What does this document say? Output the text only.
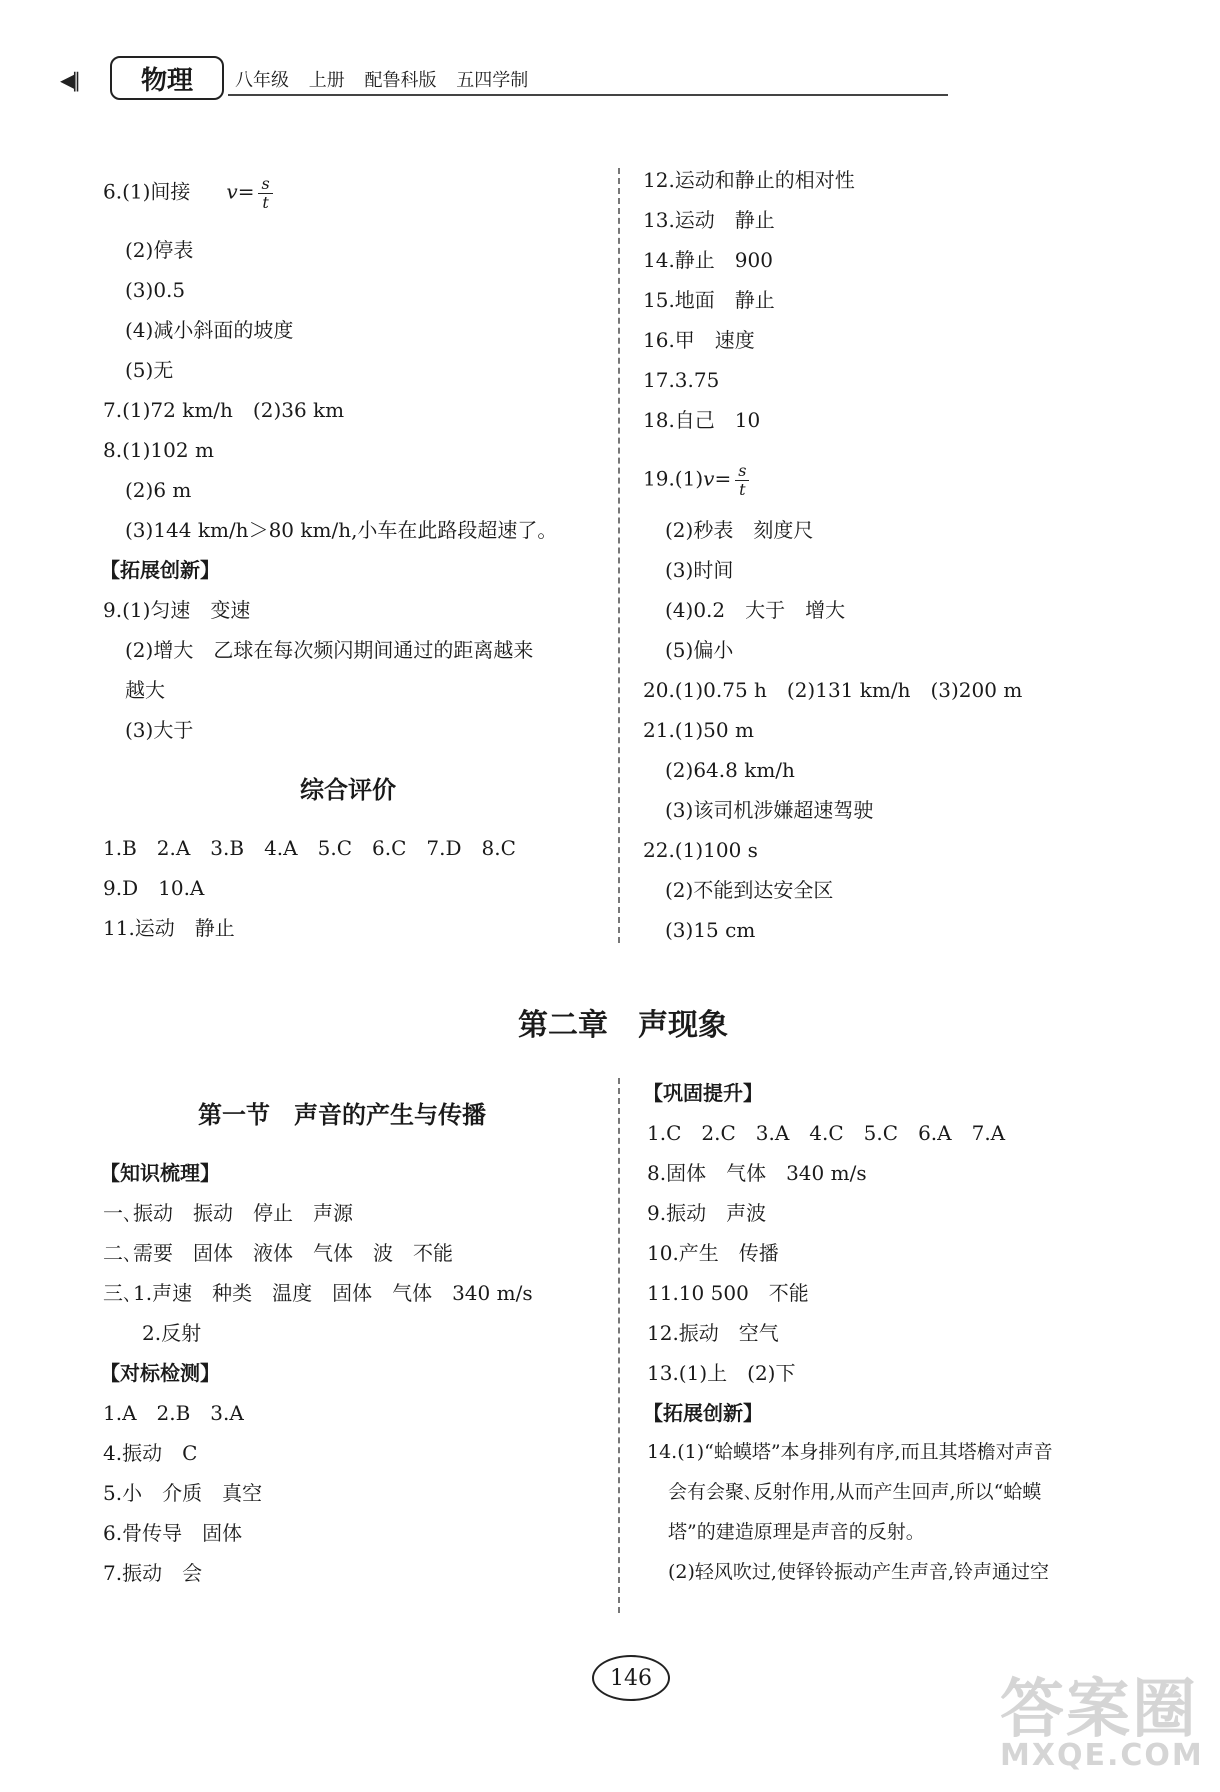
◀||	物理	八年级 上册 配鲁科版 五四学制
6.(1)间接 $v= \frac{s}{t}$
(2)停表
(3)0.5
(4)减小斜面的坡度
(5)无
7.(1)72 km/h　(2)36 km
8.(1)102 m
(2)6 m
(3)144 km/h＞80 km/h,小车在此路段超速了。
【拓展创新】
9.(1)匀速　变速
(2)增大　乙球在每次频闪期间通过的距离越来
越大
(3)大于
综合评价
1.B　2.A　3.B　4.A　5.C　6.C　7.D　8.C
9.D　10.A
11.运动　静止
12.运动和静止的相对性
13.运动　静止
14.静止　900
15.地面　静止
16.甲　速度
17.3.75
18.自己　10
$19.(1)v= \frac{s}{t}$
(2)秒表　刻度尺
(3)时间
(4)0.2　大于　增大
(5)偏小
20.(1)0.75 h　(2)131 km/h　(3)200 m
21.(1)50 m
(2)64.8 km/h
(3)该司机涉嫌超速驾驶
22.(1)100 s
(2)不能到达安全区
(3)15 cm
第二章　声现象
第一节　声音的产生与传播
【知识梳理】
一､振动　振动　停止　声源
二､需要　固体　液体　气体　波　不能
三､1.声速　种类　温度　固体　气体　340 m/s
2.反射
【对标检测】
1.A　2.B　3.A
4.振动　C
5.小　介质　真空
6.骨传导　固体
7.振动　会
【巩固提升】
1.C　2.C　3.A　4.C　5.C　6.A　7.A
8.固体　气体　340 m/s
9.振动　声波
10.产生　传播
11.10 500　不能
12.振动　空气
13.(1)上　(2)下
【拓展创新】
14.(1)“蛤蟆塔”本身排列有序,而且其塔檐对声音
会有会聚､反射作用,从而产生回声,所以“蛤蟆
塔”的建造原理是声音的反射｡
(2)轻风吹过,使铎铃振动产生声音,铃声通过空
146	答案圈
MXQE.COM
